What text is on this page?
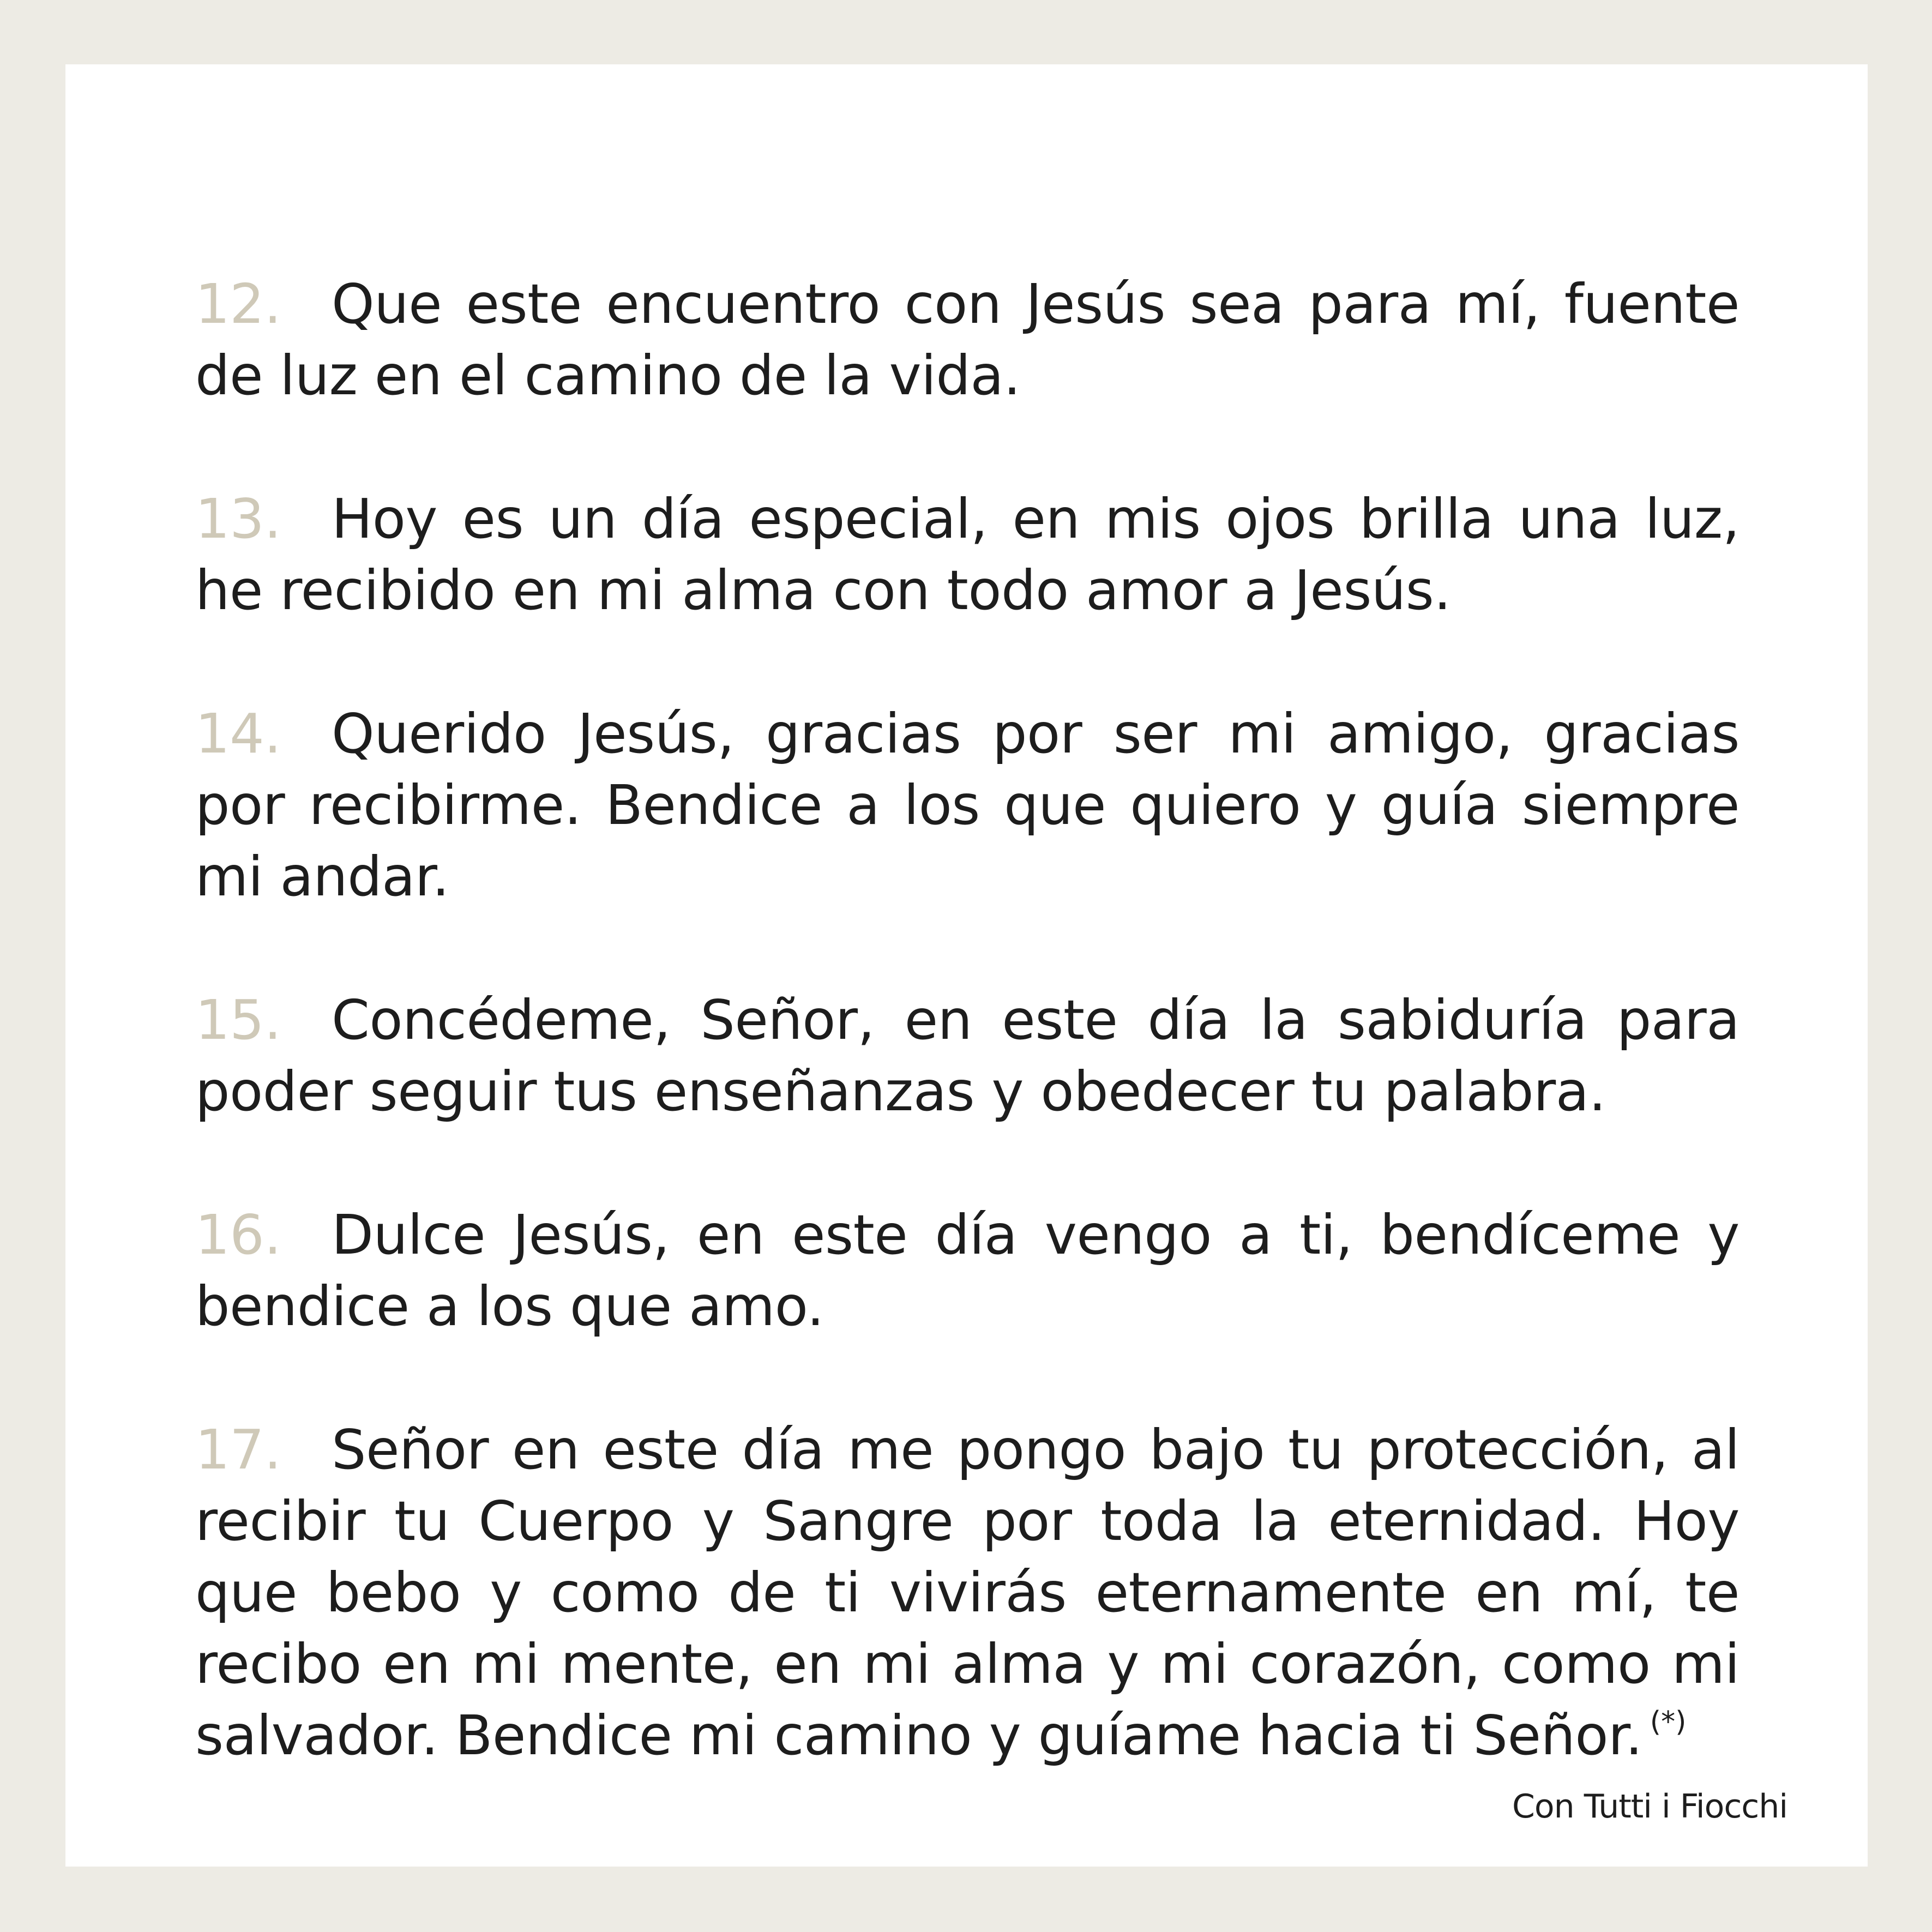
12. Que este encuentro con Jesús sea para mí, fuente de luz en el camino de la vida.
13. Hoy es un día especial, en mis ojos brilla una luz, he recibido en mi alma con todo amor a Jesús.
14. Querido Jesús, gracias por ser mi amigo, gracias por recibirme. Bendice a los que quiero y guía siempre mi andar.
15. Concédeme, Señor, en este día la sabiduría para poder seguir tus enseñanzas y obedecer tu palabra.
16. Dulce Jesús, en este día vengo a ti, bendíceme y bendice a los que amo.
17. Señor en este día me pongo bajo tu protección, al recibir tu Cuerpo y Sangre por toda la eternidad. Hoy que bebo y como de ti vivirás eternamente en mí, te recibo en mi mente, en mi alma y mi corazón, como mi salvador. Bendice mi camino y guíame hacia ti Señor. (*)
Con Tutti i Fiocchi
